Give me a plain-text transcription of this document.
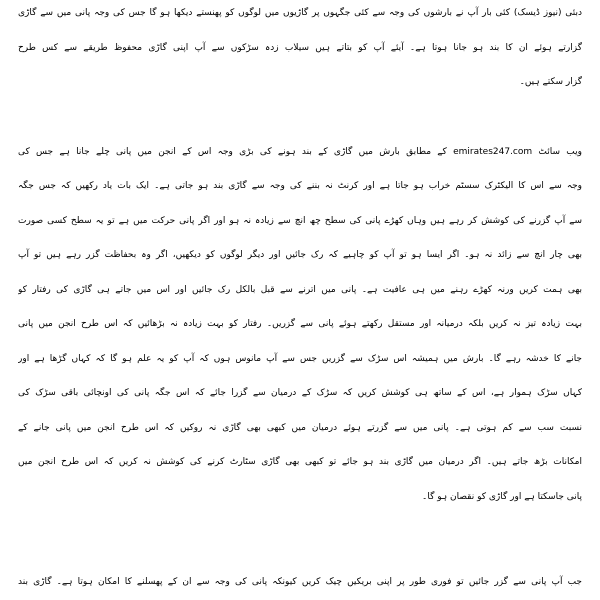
دبئی (نیوز ڈیسک) کئی بار آپ نے بارشوں کی وجہ سے کئی جگہوں پر گاڑیوں میں لوگوں کو پھنستے دیکھا ہو گا جس کی وجہ پانی میں سے گاڑی
گزارتے ہوئے ان کا بند ہو جانا ہوتا ہے۔ آیئے آپ کو بتاتے ہیں سیلاب زدہ سڑکوں سے آپ اپنی گاڑی محفوظ طریقے سے کس طرح
گزار سکتے ہیں۔
ویب سائٹ emirates247.com کے مطابق بارش میں گاڑی کے بند ہونے کی بڑی وجہ اس کے انجن میں پانی چلے جانا ہے جس کی
وجہ سے اس کا الیکٹرک سسٹم خراب ہو جاتا ہے اور کرنٹ نہ بننے کی وجہ سے گاڑی بند ہو جاتی ہے۔ ایک بات یاد رکھیں کہ جس جگہ
سے آپ گزرنے کی کوشش کر رہے ہیں وہاں کھڑے پانی کی سطح چھ انچ سے زیادہ نہ ہو اور اگر پانی حرکت میں ہے تو یہ سطح کسی صورت
بھی چار انچ سے زائد نہ ہو۔ اگر ایسا ہو تو آپ کو چاہیے کہ رک جائیں اور دیگر لوگوں کو دیکھیں، اگر وہ بحفاظت گزر رہے ہیں تو آپ
بھی ہمت کریں ورنہ کھڑے رہنے میں ہی عافیت ہے۔ پانی میں اترنے سے قبل بالکل رک جائیں اور اس میں جاتے ہی گاڑی کی رفتار کو
بہت زیادہ تیز نہ کریں بلکہ درمیانہ اور مستقل رکھتے ہوئے پانی سے گزریں۔ رفتار کو بہت زیادہ نہ بڑھائیں کہ اس طرح انجن میں پانی
جانے کا خدشہ رہے گا۔ بارش میں ہمیشہ اس سڑک سے گزریں جس سے آپ مانوس ہوں کہ آپ کو یہ علم ہو گا کہ کہاں گڑھا ہے اور
کہاں سڑک ہموار ہے، اس کے ساتھ ہی کوشش کریں کہ سڑک کے درمیان سے گزرا جائے کہ اس جگہ پانی کی اونچائی باقی سڑک کی
نسبت سب سے کم ہوتی ہے۔ پانی میں سے گزرتے ہوئے درمیان میں کبھی بھی گاڑی نہ روکیں کہ اس طرح انجن میں پانی جانے کے
امکانات بڑھ جاتے ہیں۔ اگر درمیان میں گاڑی بند ہو جائے تو کبھی بھی گاڑی سٹارٹ کرنے کی کوشش نہ کریں کہ اس طرح انجن میں
پانی جاسکتا ہے اور گاڑی کو نقصان ہو گا۔
جب آپ پانی سے گزر جائیں تو فوری طور پر اپنی بریکیں چیک کریں کیونکہ پانی کی وجہ سے ان کے پھسلنے کا امکان ہوتا ہے۔ گاڑی بند
